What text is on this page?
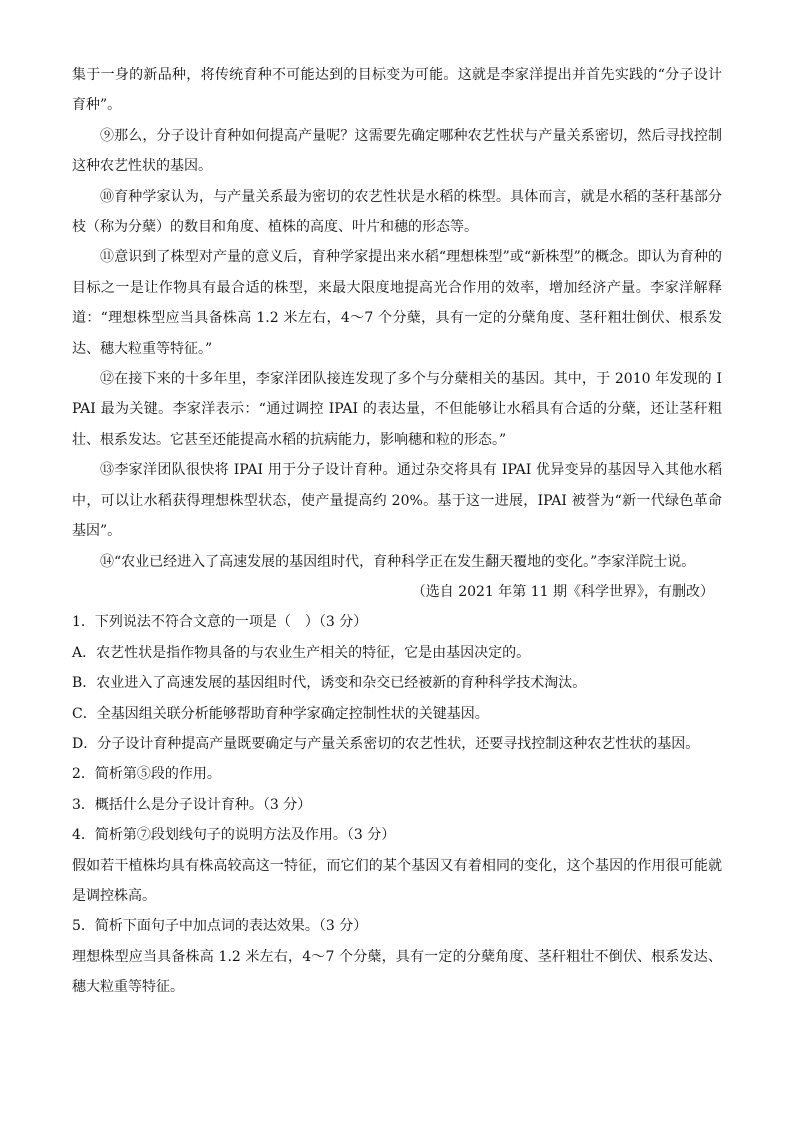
集于一身的新品种，将传统育种不可能达到的目标变为可能。这就是李家洋提出并首先实践的“分子设计育种”。

⑨那么，分子设计育种如何提高产量呢？这需要先确定哪种农艺性状与产量关系密切，然后寻找控制这种农艺性状的基因。

⑩育种学家认为，与产量关系最为密切的农艺性状是水稻的株型。具体而言，就是水稻的茎秆基部分枝（称为分蘖）的数目和角度、植株的高度、叶片和穗的形态等。

⑪意识到了株型对产量的意义后，育种学家提出来水稻“理想株型”或“新株型”的概念。即认为育种的目标之一是让作物具有最合适的株型，来最大限度地提高光合作用的效率，增加经济产量。李家洋解释道：“理想株型应当具备株高 1.2 米左右，4～7 个分蘖，具有一定的分蘖角度、茎秆粗壮倒伏、根系发达、穗大粒重等特征。”

⑫在接下来的十多年里，李家洋团队接连发现了多个与分蘖相关的基因。其中，于 2010 年发现的 IPAI 最为关键。李家洋表示：“通过调控 IPAI 的表达量，不但能够让水稻具有合适的分蘖，还让茎秆粗壮、根系发达。它甚至还能提高水稻的抗病能力，影响穗和粒的形态。”

⑬李家洋团队很快将 IPAI 用于分子设计育种。通过杂交将具有 IPAI 优异变异的基因导入其他水稻中，可以让水稻获得理想株型状态，使产量提高约 20%。基于这一进展，IPAI 被誉为“新一代绿色革命基因”。

⑭“农业已经进入了高速发展的基因组时代，育种科学正在发生翻天覆地的变化。”李家洋院士说。

（选自 2021 年第 11 期《科学世界》，有删改）

1．下列说法不符合文意的一项是（　）（3 分）

A．农艺性状是指作物具备的与农业生产相关的特征，它是由基因决定的。

B．农业进入了高速发展的基因组时代，诱变和杂交已经被新的育种科学技术淘汰。

C．全基因组关联分析能够帮助育种学家确定控制性状的关键基因。

D．分子设计育种提高产量既要确定与产量关系密切的农艺性状，还要寻找控制这种农艺性状的基因。

2．简析第⑤段的作用。

3．概括什么是分子设计育种。（3 分）

4．简析第⑦段划线句子的说明方法及作用。（3 分）

假如若干植株均具有株高较高这一特征，而它们的某个基因又有着相同的变化，这个基因的作用很可能就是调控株高。

5．简析下面句子中加点词的表达效果。（3 分）

理想株型应当具备株高 1.2 米左右，4～7 个分蘖，具有一定的分蘖角度、茎秆粗壮不倒伏、根系发达、穗大粒重等特征。
